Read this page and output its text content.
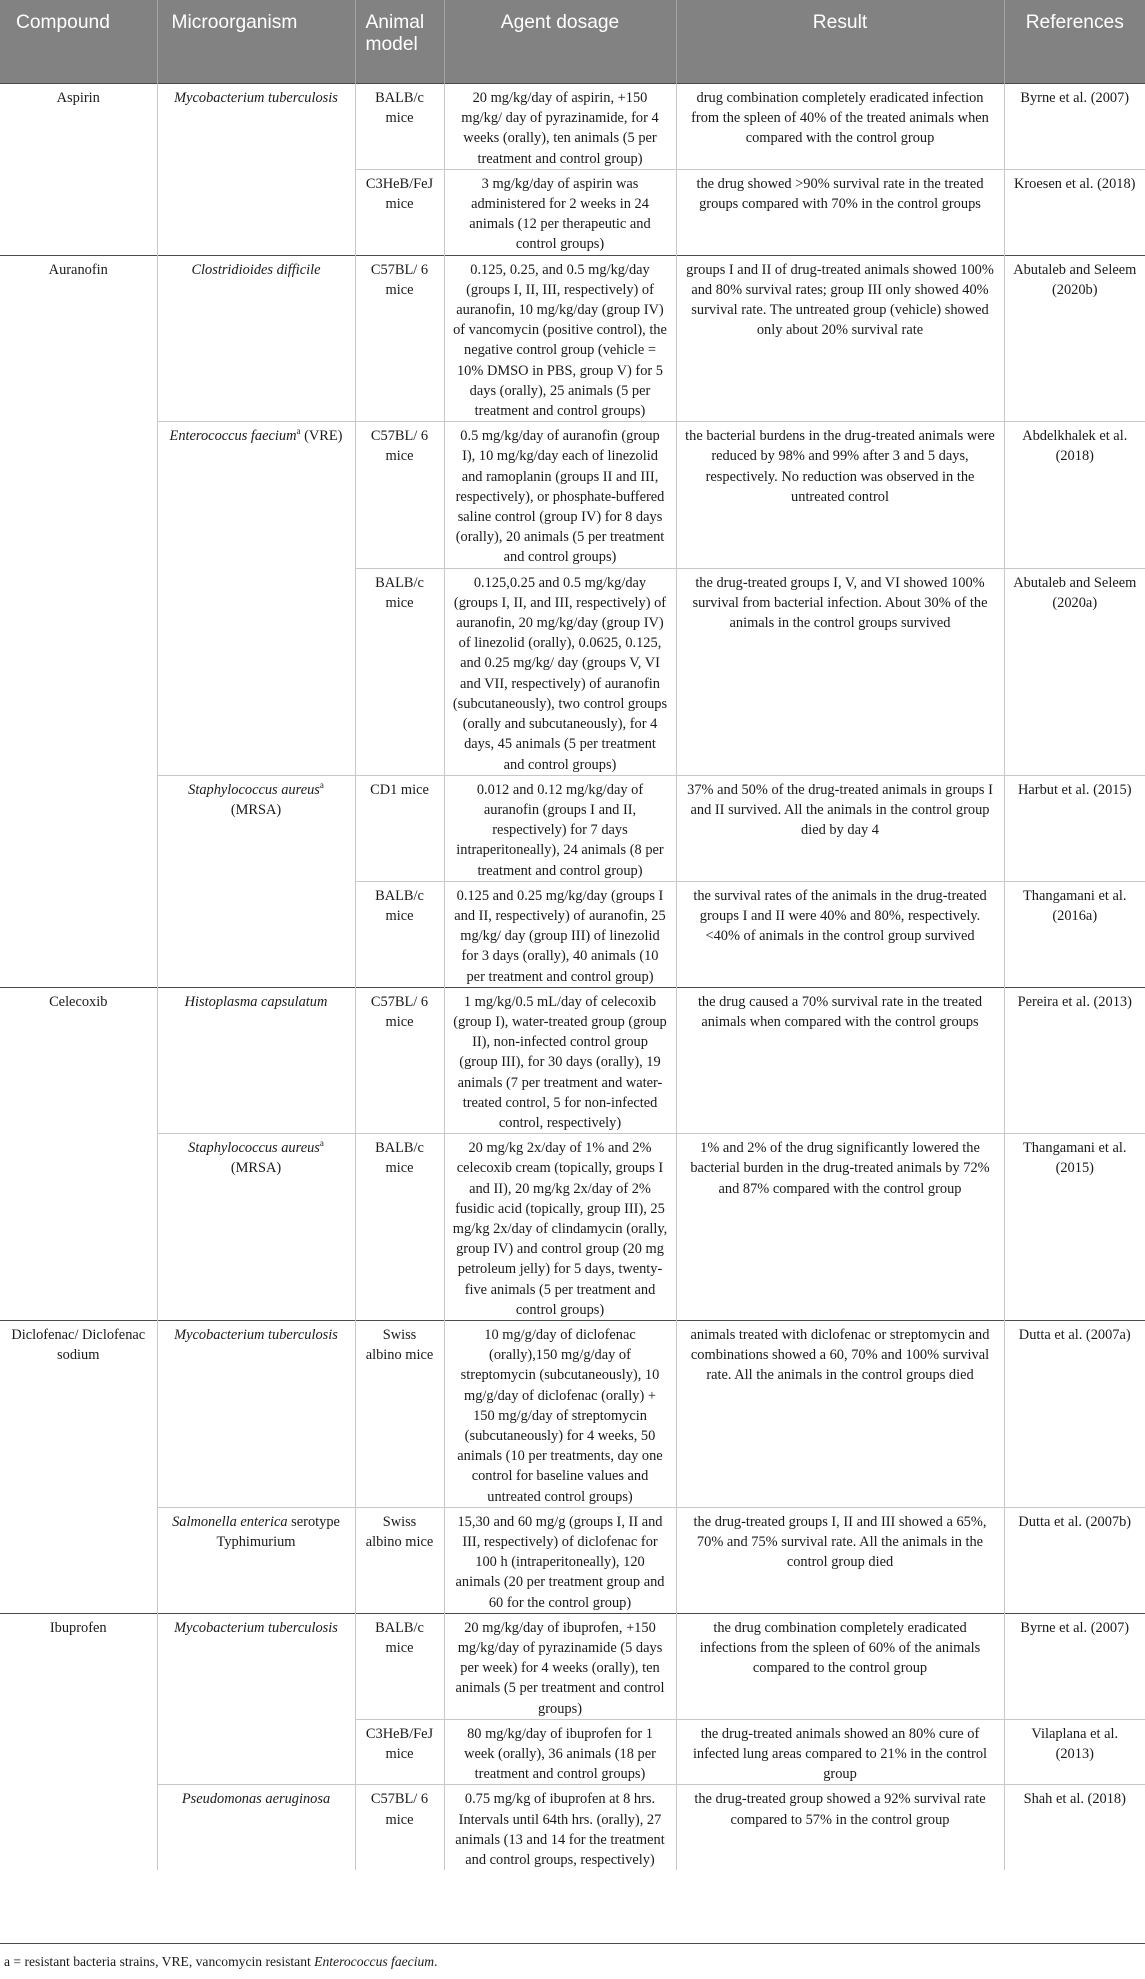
Compound	Microorganism	Animal model	Agent dosage	Result	References
Aspirin	Mycobacterium tuberculosis	BALB/c mice	20 mg/kg/day of aspirin, +150 mg/kg/ day of pyrazinamide, for 4 weeks (orally), ten animals (5 per treatment and control group)	drug combination completely eradicated infection from the spleen of 40% of the treated animals when compared with the control group	Byrne et al. (2007)
		C3HeB/FeJ mice	3 mg/kg/day of aspirin was administered for 2 weeks in 24 animals (12 per therapeutic and control groups)	the drug showed >90% survival rate in the treated groups compared with 70% in the control groups	Kroesen et al. (2018)
Auranofin	Clostridioides difficile	C57BL/ 6 mice	0.125, 0.25, and 0.5 mg/kg/day (groups I, II, III, respectively) of auranofin, 10 mg/kg/day (group IV) of vancomycin (positive control), the negative control group (vehicle = 10% DMSO in PBS, group V) for 5 days (orally), 25 animals (5 per treatment and control groups)	groups I and II of drug-treated animals showed 100% and 80% survival rates; group III only showed 40% survival rate. The untreated group (vehicle) showed only about 20% survival rate	Abutaleb and Seleem (2020b)
	Enterococcus faecium$^a$ (VRE)	C57BL/ 6 mice	0.5 mg/kg/day of auranofin (group I), 10 mg/kg/day each of linezolid and ramoplanin (groups II and III, respectively), or phosphate-buffered saline control (group IV) for 8 days (orally), 20 animals (5 per treatment and control groups)	the bacterial burdens in the drug-treated animals were reduced by 98% and 99% after 3 and 5 days, respectively. No reduction was observed in the untreated control	Abdelkhalek et al. (2018)
		BALB/c mice	0.125,0.25 and 0.5 mg/kg/day (groups I, II, and III, respectively) of auranofin, 20 mg/kg/day (group IV) of linezolid (orally), 0.0625, 0.125, and 0.25 mg/kg/ day (groups V, VI and VII, respectively) of auranofin (subcutaneously), two control groups (orally and subcutaneously), for 4 days, 45 animals (5 per treatment and control groups)	the drug-treated groups I, V, and VI showed 100% survival from bacterial infection. About 30% of the animals in the control groups survived	Abutaleb and Seleem (2020a)
	Staphylococcus aureus$^a$ (MRSA)	CD1 mice	0.012 and 0.12 mg/kg/day of auranofin (groups I and II, respectively) for 7 days intraperitoneally), 24 animals (8 per treatment and control group)	37% and 50% of the drug-treated animals in groups I and II survived. All the animals in the control group died by day 4	Harbut et al. (2015)
		BALB/c mice	0.125 and 0.25 mg/kg/day (groups I and II, respectively) of auranofin, 25 mg/kg/ day (group III) of linezolid for 3 days (orally), 40 animals (10 per treatment and control group)	the survival rates of the animals in the drug-treated groups I and II were 40% and 80%, respectively. <40% of animals in the control group survived	Thangamani et al. (2016a)
Celecoxib	Histoplasma capsulatum	C57BL/ 6 mice	1 mg/kg/0.5 mL/day of celecoxib (group I), water-treated group (group II), non-infected control group (group III), for 30 days (orally), 19 animals (7 per treatment and water-treated control, 5 for non-infected control, respectively)	the drug caused a 70% survival rate in the treated animals when compared with the control groups	Pereira et al. (2013)
	Staphylococcus aureus$^a$ (MRSA)	BALB/c mice	20 mg/kg 2x/day of 1% and 2% celecoxib cream (topically, groups I and II), 20 mg/kg 2x/day of 2% fusidic acid (topically, group III), 25 mg/kg 2x/day of clindamycin (orally, group IV) and control group (20 mg petroleum jelly) for 5 days, twenty-five animals (5 per treatment and control groups)	1% and 2% of the drug significantly lowered the bacterial burden in the drug-treated animals by 72% and 87% compared with the control group	Thangamani et al. (2015)
Diclofenac/ Diclofenac sodium	Mycobacterium tuberculosis	Swiss albino mice	10 mg/g/day of diclofenac (orally),150 mg/g/day of streptomycin (subcutaneously), 10 mg/g/day of diclofenac (orally) + 150 mg/g/day of streptomycin (subcutaneously) for 4 weeks, 50 animals (10 per treatments, day one control for baseline values and untreated control groups)	animals treated with diclofenac or streptomycin and combinations showed a 60, 70% and 100% survival rate. All the animals in the control groups died	Dutta et al. (2007a)
	Salmonella enterica serotype Typhimurium	Swiss albino mice	15,30 and 60 mg/g (groups I, II and III, respectively) of diclofenac for 100 h (intraperitoneally), 120 animals (20 per treatment group and 60 for the control group)	the drug-treated groups I, II and III showed a 65%, 70% and 75% survival rate. All the animals in the control group died	Dutta et al. (2007b)
Ibuprofen	Mycobacterium tuberculosis	BALB/c mice	20 mg/kg/day of ibuprofen, +150 mg/kg/day of pyrazinamide (5 days per week) for 4 weeks (orally), ten animals (5 per treatment and control groups)	the drug combination completely eradicated infections from the spleen of 60% of the animals compared to the control group	Byrne et al. (2007)
		C3HeB/FeJ mice	80 mg/kg/day of ibuprofen for 1 week (orally), 36 animals (18 per treatment and control groups)	the drug-treated animals showed an 80% cure of infected lung areas compared to 21% in the control group	Vilaplana et al. (2013)
	Pseudomonas aeruginosa	C57BL/ 6 mice	0.75 mg/kg of ibuprofen at 8 hrs. Intervals until 64th hrs. (orally), 27 animals (13 and 14 for the treatment and control groups, respectively)	the drug-treated group showed a 92% survival rate compared to 57% in the control group	Shah et al. (2018)
a = resistant bacteria strains, VRE, vancomycin resistant Enterococcus faecium.
